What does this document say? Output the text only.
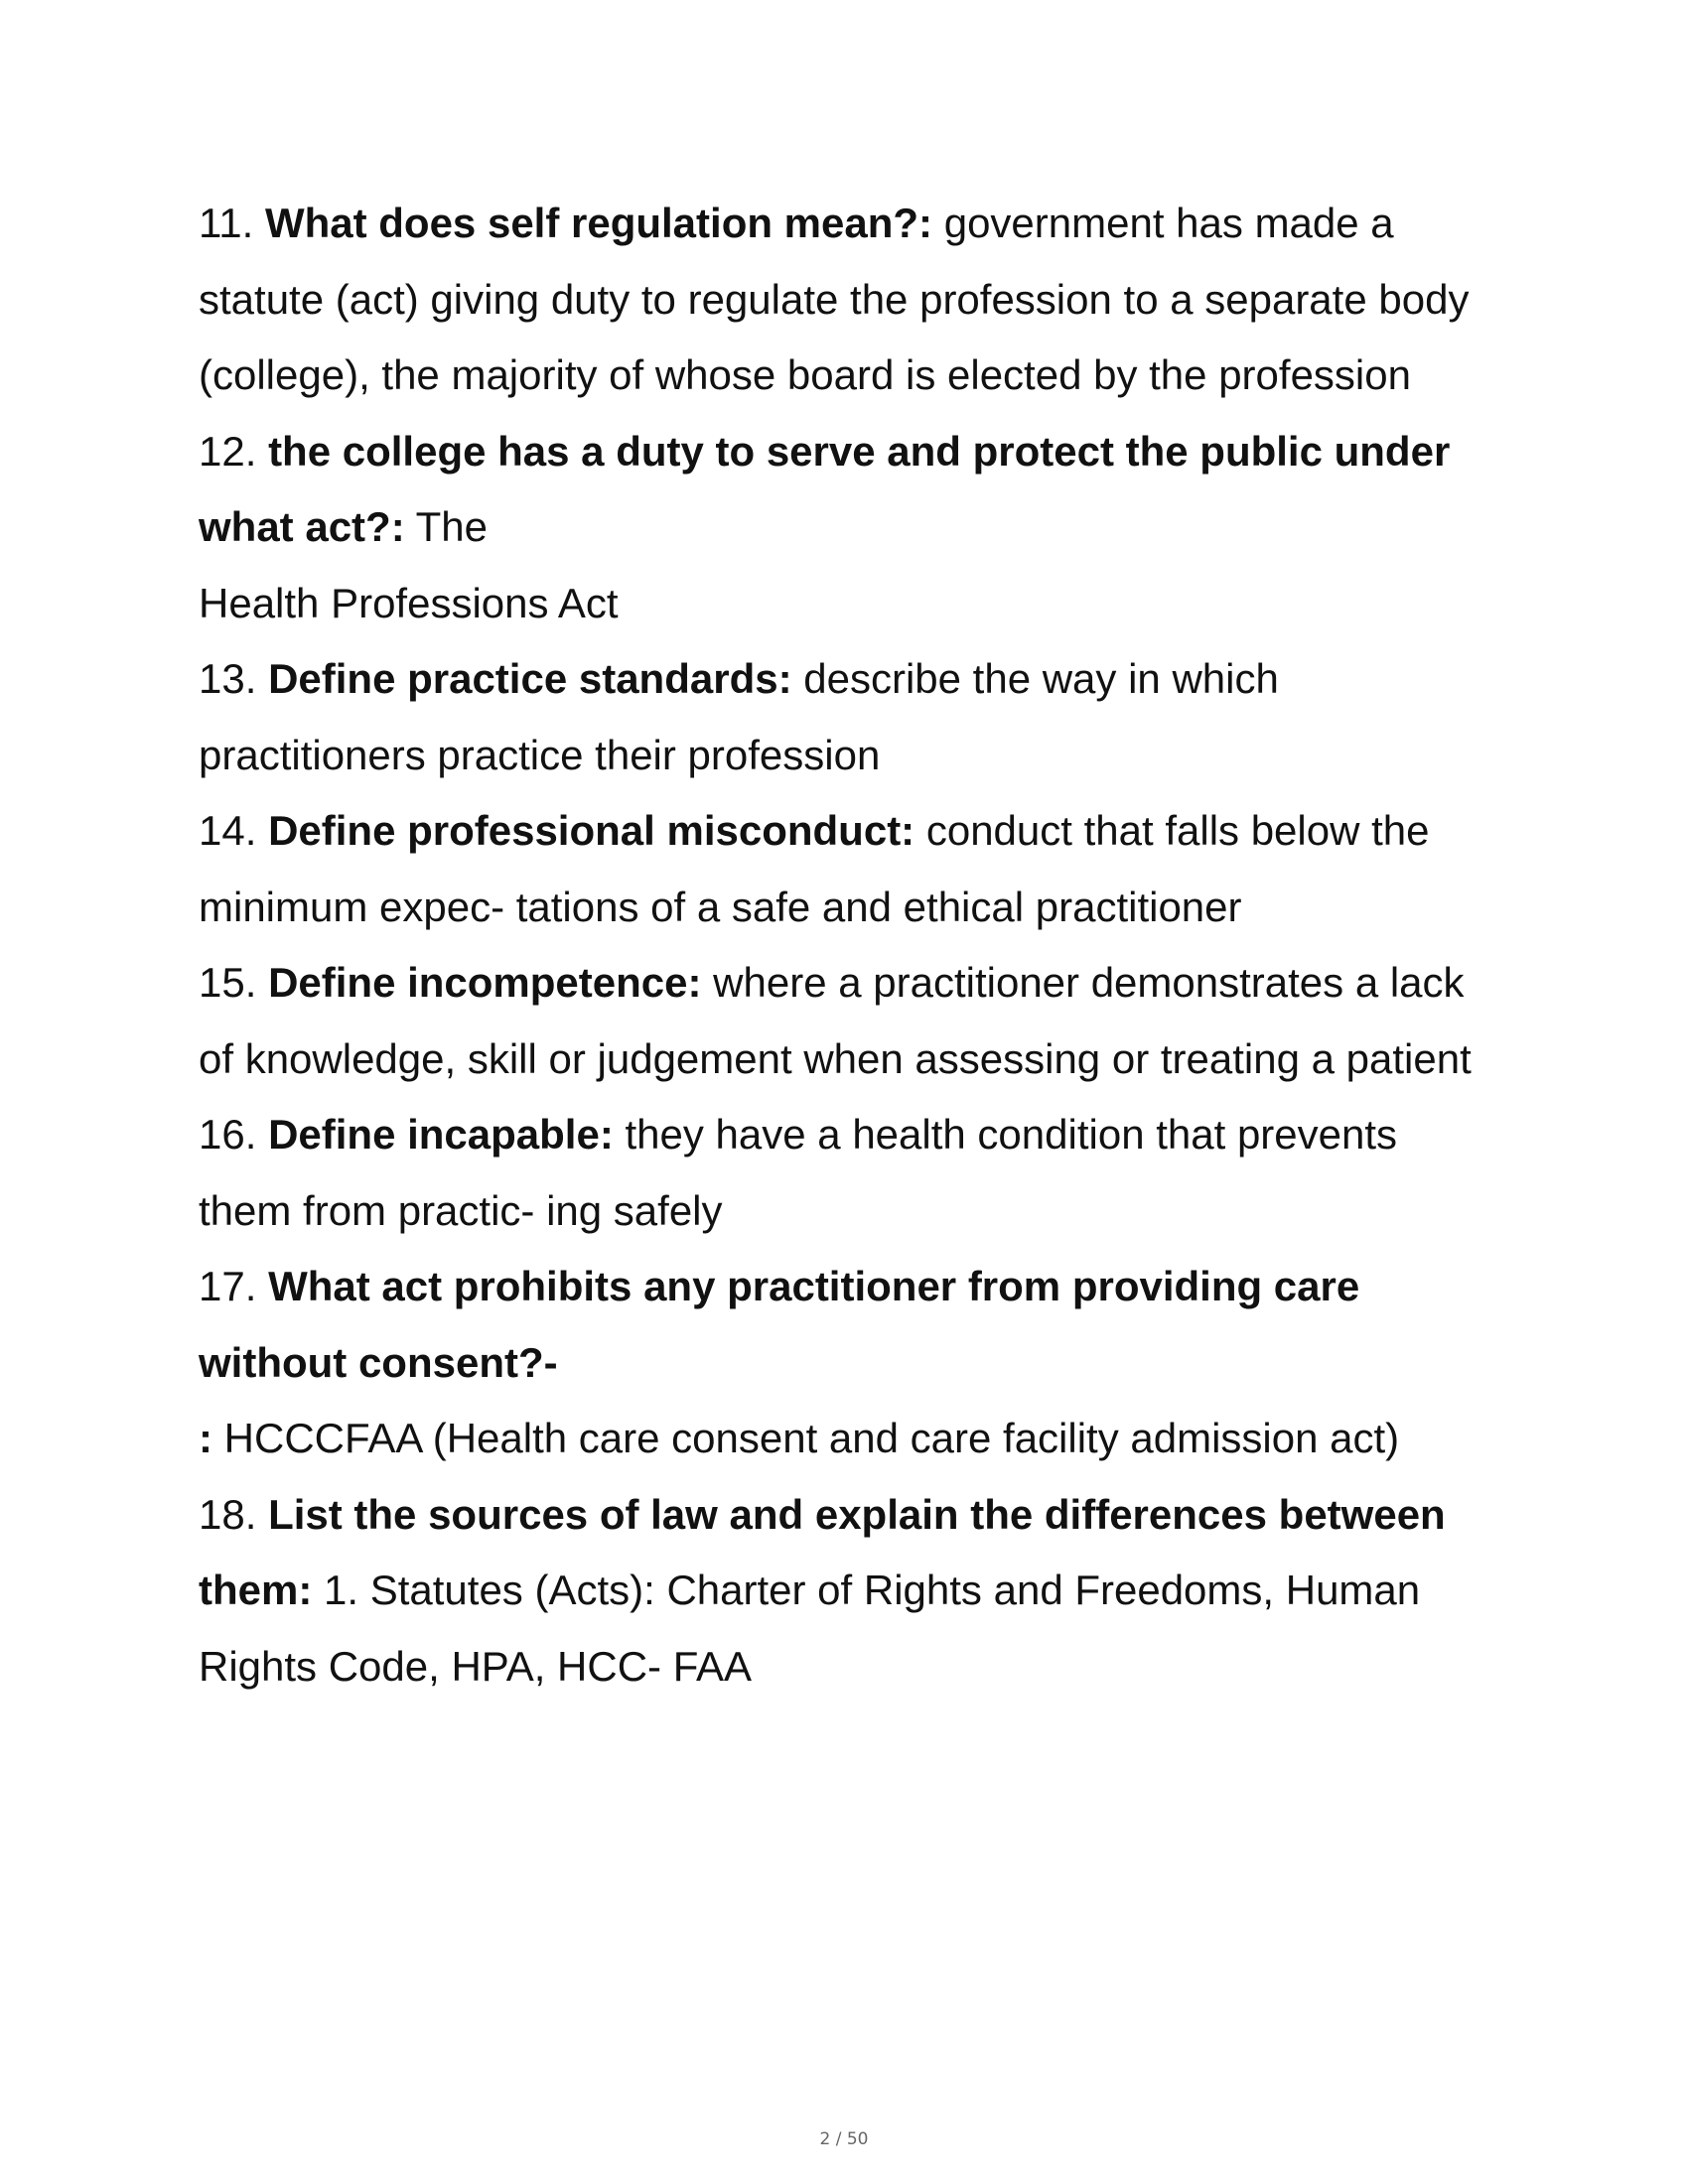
11. What does self regulation mean?: government has made a statute (act) giving duty to regulate the profession to a separate body (college), the majority of whose board is elected by the profession

12. the college has a duty to serve and protect the public under what act?: The
Health Professions Act

13. Define practice standards: describe the way in which practitioners practice their profession

14. Define professional misconduct: conduct that falls below the minimum expec- tations of a safe and ethical practitioner

15. Define incompetence: where a practitioner demonstrates a lack of knowledge, skill or judgement when assessing or treating a patient

16. Define incapable: they have a health condition that prevents them from practic- ing safely

17. What act prohibits any practitioner from providing care without consent?-
: HCCCFAA (Health care consent and care facility admission act)

18. List the sources of law and explain the differences between them: 1. Statutes (Acts): Charter of Rights and Freedoms, Human Rights Code, HPA, HCC- FAA

2 / 50
